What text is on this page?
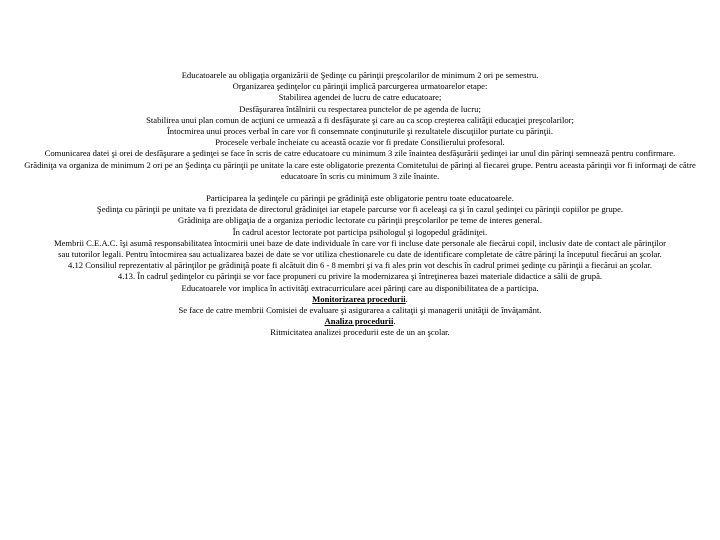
Educatoarele au obligaţia organizării de Şedinţe cu părinţii preşcolarilor de minimum 2 ori pe semestru.
Organizarea şedinţelor cu părinţii implică parcurgerea urmatoarelor etape:
Stabilirea agendei de lucru de catre educatoare;
Desfăşurarea întâlnirii cu respectarea punctelor de pe agenda de lucru;
Stabilirea unui plan comun de acţiuni ce urmează a fi desfăşurate şi care au ca scop creşterea calităţii educaţiei preşcolarilor;
Întocmirea unui proces verbal în care vor fi consemnate conţinuturile şi rezultatele discuţiilor purtate cu părinţii.
Procesele verbale încheiate cu această ocazie vor fi predate Consilierului profesoral.
Comunicarea datei şi orei de desfăşurare a şedinţei se face în scris de catre educatoare cu minimum 3 zile înaintea desfăşurării şedinţei iar unul din părinţi semnează pentru confirmare.
Grădiniţa va organiza de minimum 2 ori pe an Şedinţa cu părinţii pe unitate la care este obligatorie prezenta Comitetului de părinţi al fiecarei grupe. Pentru aceasta părinţii vor fi informaţi de către educatoare în scris cu minimum 3 zile înainte.
Participarea la şedinţele cu părinţii pe grădiniţă este obligatorie pentru toate educatoarele.
Şedinţa cu părinţii pe unitate va fi prezidata de directorul grădiniţei iar etapele parcurse vor fi aceleaşi ca şi în cazul şedinţei cu părinţii copiilor pe grupe.
Grădiniţa are obligaţia de a organiza periodic lectorate cu părinţii preşcolarilor pe teme de interes general.
În cadrul acestor lectorate pot participa psihologul şi logopedul grădiniţei.
Membrii C.E.A.C. îşi asumă responsabilitatea întocmirii unei baze de date individuale în care vor fi incluse date personale ale fiecărui copil, inclusiv date de contact ale părinţilor sau tutorilor legali. Pentru întocmirea sau actualizarea bazei de date se vor utiliza chestionarele cu date de identificare completate de către părinţi la începutul fiecărui an şcolar.
4.12 Consiliul reprezentativ al părinţilor pe grădiniţă poate fi alcătuit din 6 - 8 membri şi va fi ales prin vot deschis în cadrul primei şedinţe cu părinţii a fiecărui an şcolar.
4.13. În cadrul şedinţelor cu părinţii se vor face propuneri cu privire la modernizarea şi întreţinerea bazei materiale didactice a sălii de grupă.
Educatoarele vor implica în activităţi extracurriculare acei părinţi care au disponibilitatea de a participa.
Monitorizarea procedurii.
Se face de catre membrii Comisiei de evaluare şi asigurarea a calitaţii şi managerii unităţii de învăţamânt.
Analiza procedurii.
Ritmicitatea analizei procedurii este de un an şcolar.
